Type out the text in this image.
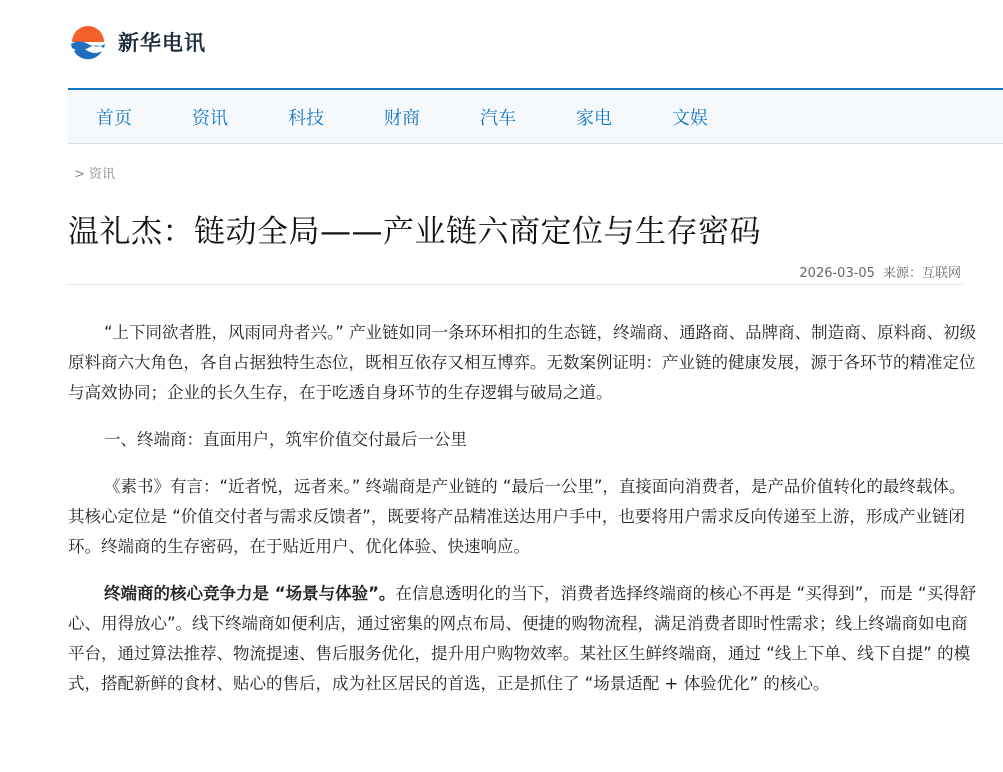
新华电讯
首页	资讯	科技	财商	汽车	家电	文娱
> 资讯
温礼杰：链动全局——产业链六商定位与生存密码
2026-03-05 来源：互联网

“上下同欲者胜，风雨同舟者兴。” 产业链如同一条环环相扣的生态链，终端商、通路商、品牌商、制造商、原料商、初级原料商六大角色，各自占据独特生态位，既相互依存又相互博弈。无数案例证明：产业链的健康发展，源于各环节的精准定位与高效协同；企业的长久生存，在于吃透自身环节的生存逻辑与破局之道。

一、终端商：直面用户，筑牢价值交付最后一公里

《素书》有言：“近者悦，远者来。” 终端商是产业链的 “最后一公里”，直接面向消费者，是产品价值转化的最终载体。其核心定位是 “价值交付者与需求反馈者”，既要将产品精准送达用户手中，也要将用户需求反向传递至上游，形成产业链闭环。终端商的生存密码，在于贴近用户、优化体验、快速响应。

终端商的核心竞争力是 “场景与体验”。在信息透明化的当下，消费者选择终端商的核心不再是 “买得到”，而是 “买得舒心、用得放心”。线下终端商如便利店，通过密集的网点布局、便捷的购物流程，满足消费者即时性需求；线上终端商如电商平台，通过算法推荐、物流提速、售后服务优化，提升用户购物效率。某社区生鲜终端商，通过 “线上下单、线下自提” 的模式，搭配新鲜的食材、贴心的售后，成为社区居民的首选，正是抓住了 “场景适配 + 体验优化” 的核心。
